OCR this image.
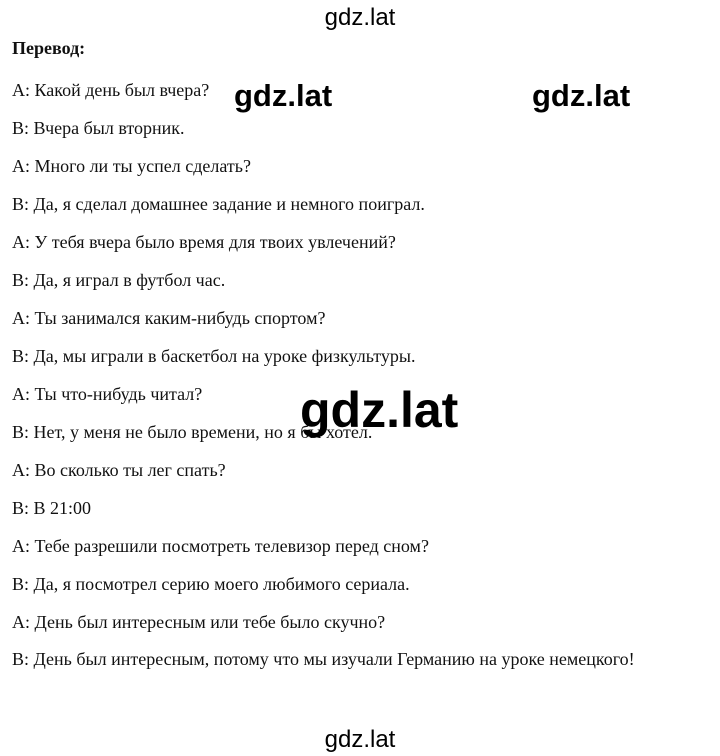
gdz.lat
Перевод:
A: Какой день был вчера?
B: Вчера был вторник.
A: Много ли ты успел сделать?
B: Да, я сделал домашнее задание и немного поиграл.
A: У тебя вчера было время для твоих увлечений?
B: Да, я играл в футбол час.
A: Ты занимался каким-нибудь спортом?
B: Да, мы играли в баскетбол на уроке физкультуры.
A: Ты что-нибудь читал?
B: Нет, у меня не было времени, но я бы хотел.
A: Во сколько ты лег спать?
B: В 21:00
A: Тебе разрешили посмотреть телевизор перед сном?
B: Да, я посмотрел серию моего любимого сериала.
A: День был интересным или тебе было скучно?
B: День был интересным, потому что мы изучали Германию на уроке немецкого!
gdz.lat	gdz.lat
gdz.lat
gdz.lat
